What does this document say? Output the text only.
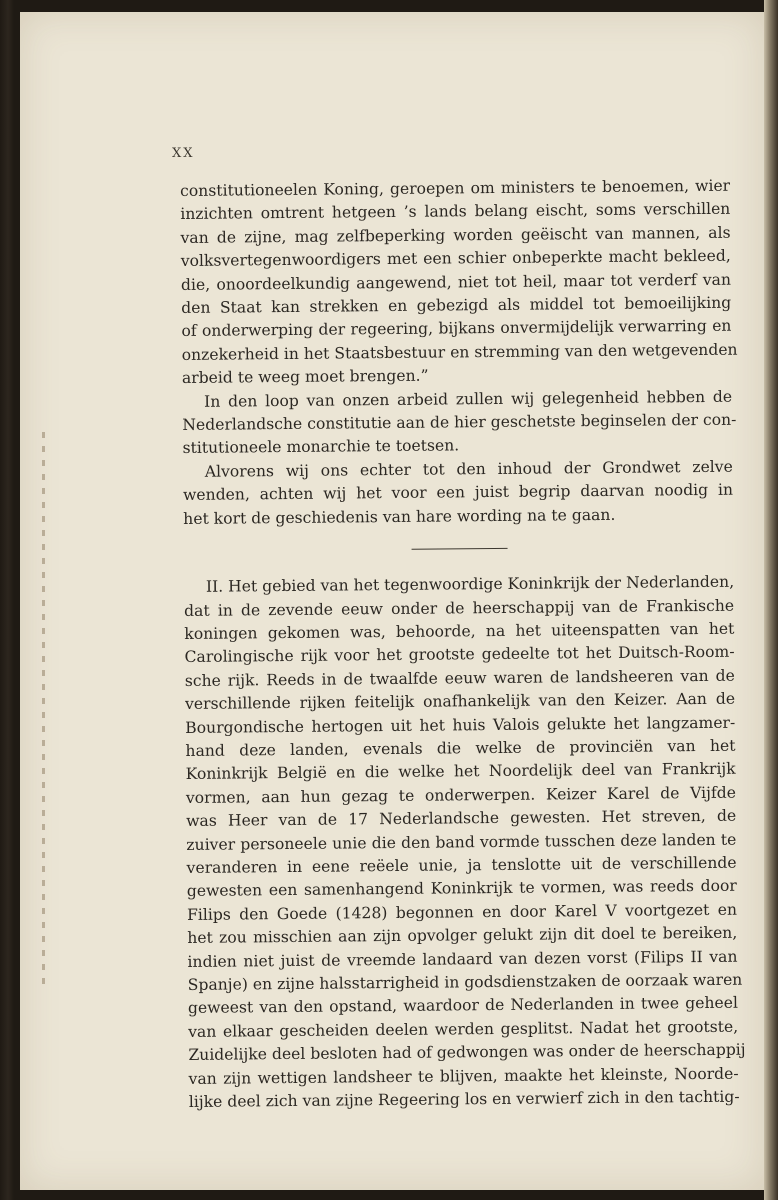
XX
constitutioneelen Koning, geroepen om ministers te benoemen, wier
inzichten omtrent hetgeen ’s lands belang eischt, soms verschillen
van de zijne, mag zelfbeperking worden geëischt van mannen, als
volksvertegenwoordigers met een schier onbeperkte macht bekleed,
die, onoordeelkundig aangewend, niet tot heil, maar tot verderf van
den Staat kan strekken en gebezigd als middel tot bemoeilijking
of onderwerping der regeering, bijkans onvermijdelijk verwarring en
onzekerheid in het Staatsbestuur en stremming van den wetgevenden
arbeid te weeg moet brengen.”
In den loop van onzen arbeid zullen wij gelegenheid hebben de
Nederlandsche constitutie aan de hier geschetste beginselen der con-
stitutioneele monarchie te toetsen.
Alvorens wij ons echter tot den inhoud der Grondwet zelve
wenden, achten wij het voor een juist begrip daarvan noodig in
het kort de geschiedenis van hare wording na te gaan.
II. Het gebied van het tegenwoordige Koninkrijk der Nederlanden,
dat in de zevende eeuw onder de heerschappij van de Frankische
koningen gekomen was, behoorde, na het uiteenspatten van het
Carolingische rijk voor het grootste gedeelte tot het Duitsch-Room-
sche rijk. Reeds in de twaalfde eeuw waren de landsheeren van de
verschillende rijken feitelijk onafhankelijk van den Keizer. Aan de
Bourgondische hertogen uit het huis Valois gelukte het langzamer-
hand deze landen, evenals die welke de provinciën van het
Koninkrijk België en die welke het Noordelijk deel van Frankrijk
vormen, aan hun gezag te onderwerpen. Keizer Karel de Vijfde
was Heer van de 17 Nederlandsche gewesten. Het streven, de
zuiver personeele unie die den band vormde tusschen deze landen te
veranderen in eene reëele unie, ja tenslotte uit de verschillende
gewesten een samenhangend Koninkrijk te vormen, was reeds door
Filips den Goede (1428) begonnen en door Karel V voortgezet en
het zou misschien aan zijn opvolger gelukt zijn dit doel te bereiken,
indien niet juist de vreemde landaard van dezen vorst (Filips II van
Spanje) en zijne halsstarrigheid in godsdienstzaken de oorzaak waren
geweest van den opstand, waardoor de Nederlanden in twee geheel
van elkaar gescheiden deelen werden gesplitst. Nadat het grootste,
Zuidelijke deel besloten had of gedwongen was onder de heerschappij
van zijn wettigen landsheer te blijven, maakte het kleinste, Noorde-
lijke deel zich van zijne Regeering los en verwierf zich in den tachtig-
